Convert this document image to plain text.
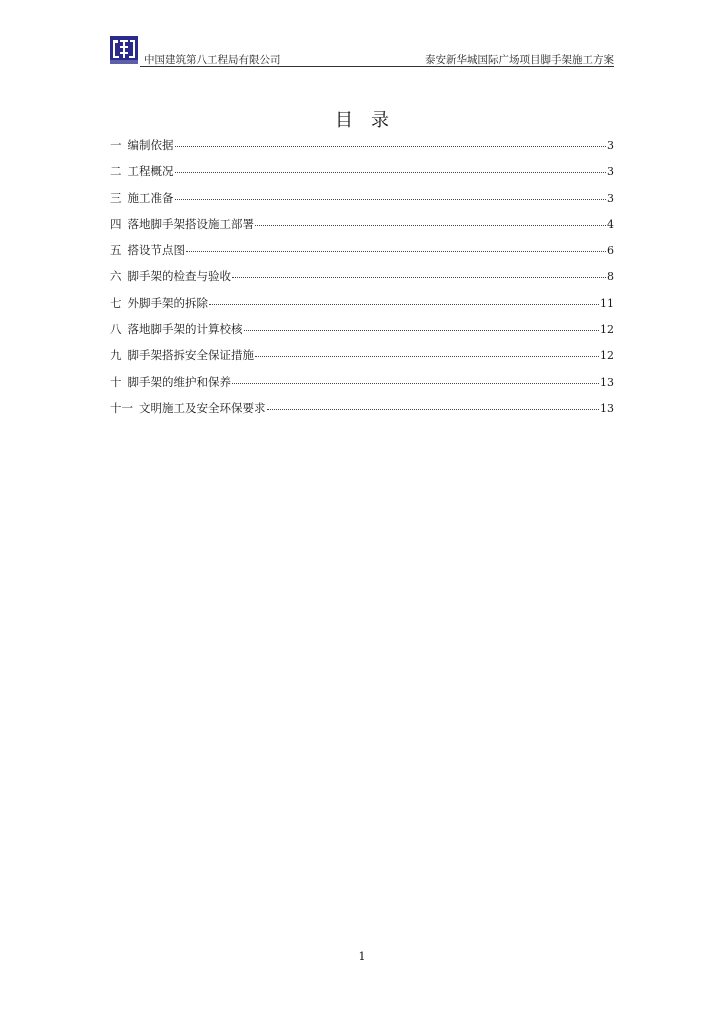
中国建筑第八工程局有限公司	泰安新华城国际广场项目脚手架施工方案
目录
一 编制依据	3
二 工程概况	3
三 施工准备	3
四 落地脚手架搭设施工部署	4
五 搭设节点图	6
六 脚手架的检查与验收	8
七 外脚手架的拆除	11
八 落地脚手架的计算校核	12
九 脚手架搭拆安全保证措施	12
十 脚手架的维护和保养	13
十一 文明施工及安全环保要求	13
1
